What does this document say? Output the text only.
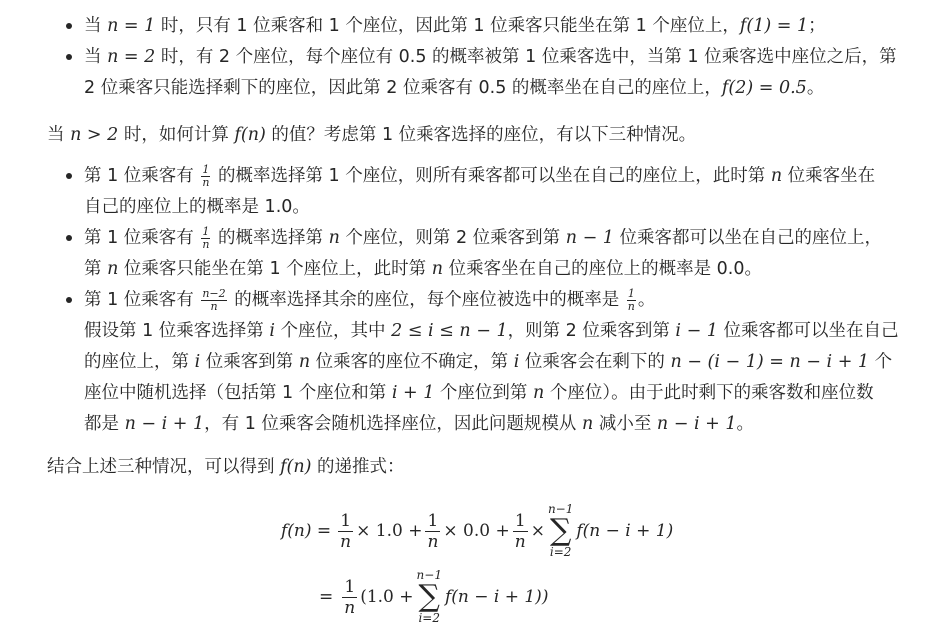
当 n = 1 时，只有 1 位乘客和 1 个座位，因此第 1 位乘客只能坐在第 1 个座位上，f(1) = 1；
当 n = 2 时，有 2 个座位，每个座位有 0.5 的概率被第 1 位乘客选中，当第 1 位乘客选中座位之后，第
2 位乘客只能选择剩下的座位，因此第 2 位乘客有 0.5 的概率坐在自己的座位上，f(2) = 0.5。

当 n > 2 时，如何计算 f(n) 的值？考虑第 1 位乘客选择的座位，有以下三种情况。

第 1 位乘客有 $\frac{1}{n}$ 的概率选择第 1 个座位，则所有乘客都可以坐在自己的座位上，此时第 n 位乘客坐在
自己的座位上的概率是 1.0。
第 1 位乘客有 $\frac{1}{n}$ 的概率选择第 n 个座位，则第 2 位乘客到第 n − 1 位乘客都可以坐在自己的座位上，
第 n 位乘客只能坐在第 1 个座位上，此时第 n 位乘客坐在自己的座位上的概率是 0.0。
第 1 位乘客有 $\frac{n-2}{n}$ 的概率选择其余的座位，每个座位被选中的概率是 $\frac{1}{n}$ 。
假设第 1 位乘客选择第 i 个座位，其中 2 ≤ i ≤ n − 1，则第 2 位乘客到第 i − 1 位乘客都可以坐在自己
的座位上，第 i 位乘客到第 n 位乘客的座位不确定，第 i 位乘客会在剩下的 n − (i − 1) = n − i + 1 个
座位中随机选择（包括第 1 个座位和第 i + 1 个座位到第 n 个座位）。由于此时剩下的乘客数和座位数
都是 n − i + 1，有 1 位乘客会随机选择座位，因此问题规模从 n 减小至 n − i + 1。

结合上述三种情况，可以得到 f(n) 的递推式：

$f(n) = \frac{1}{n} \times 1.0 + \frac{1}{n} \times 0.0 + \frac{1}{n}$ ×
n−1
∑
i=2
f(n − i + 1)
= $\frac{1}{n} (1.0$ +
n−1
∑
i=2
f(n − i + 1))
